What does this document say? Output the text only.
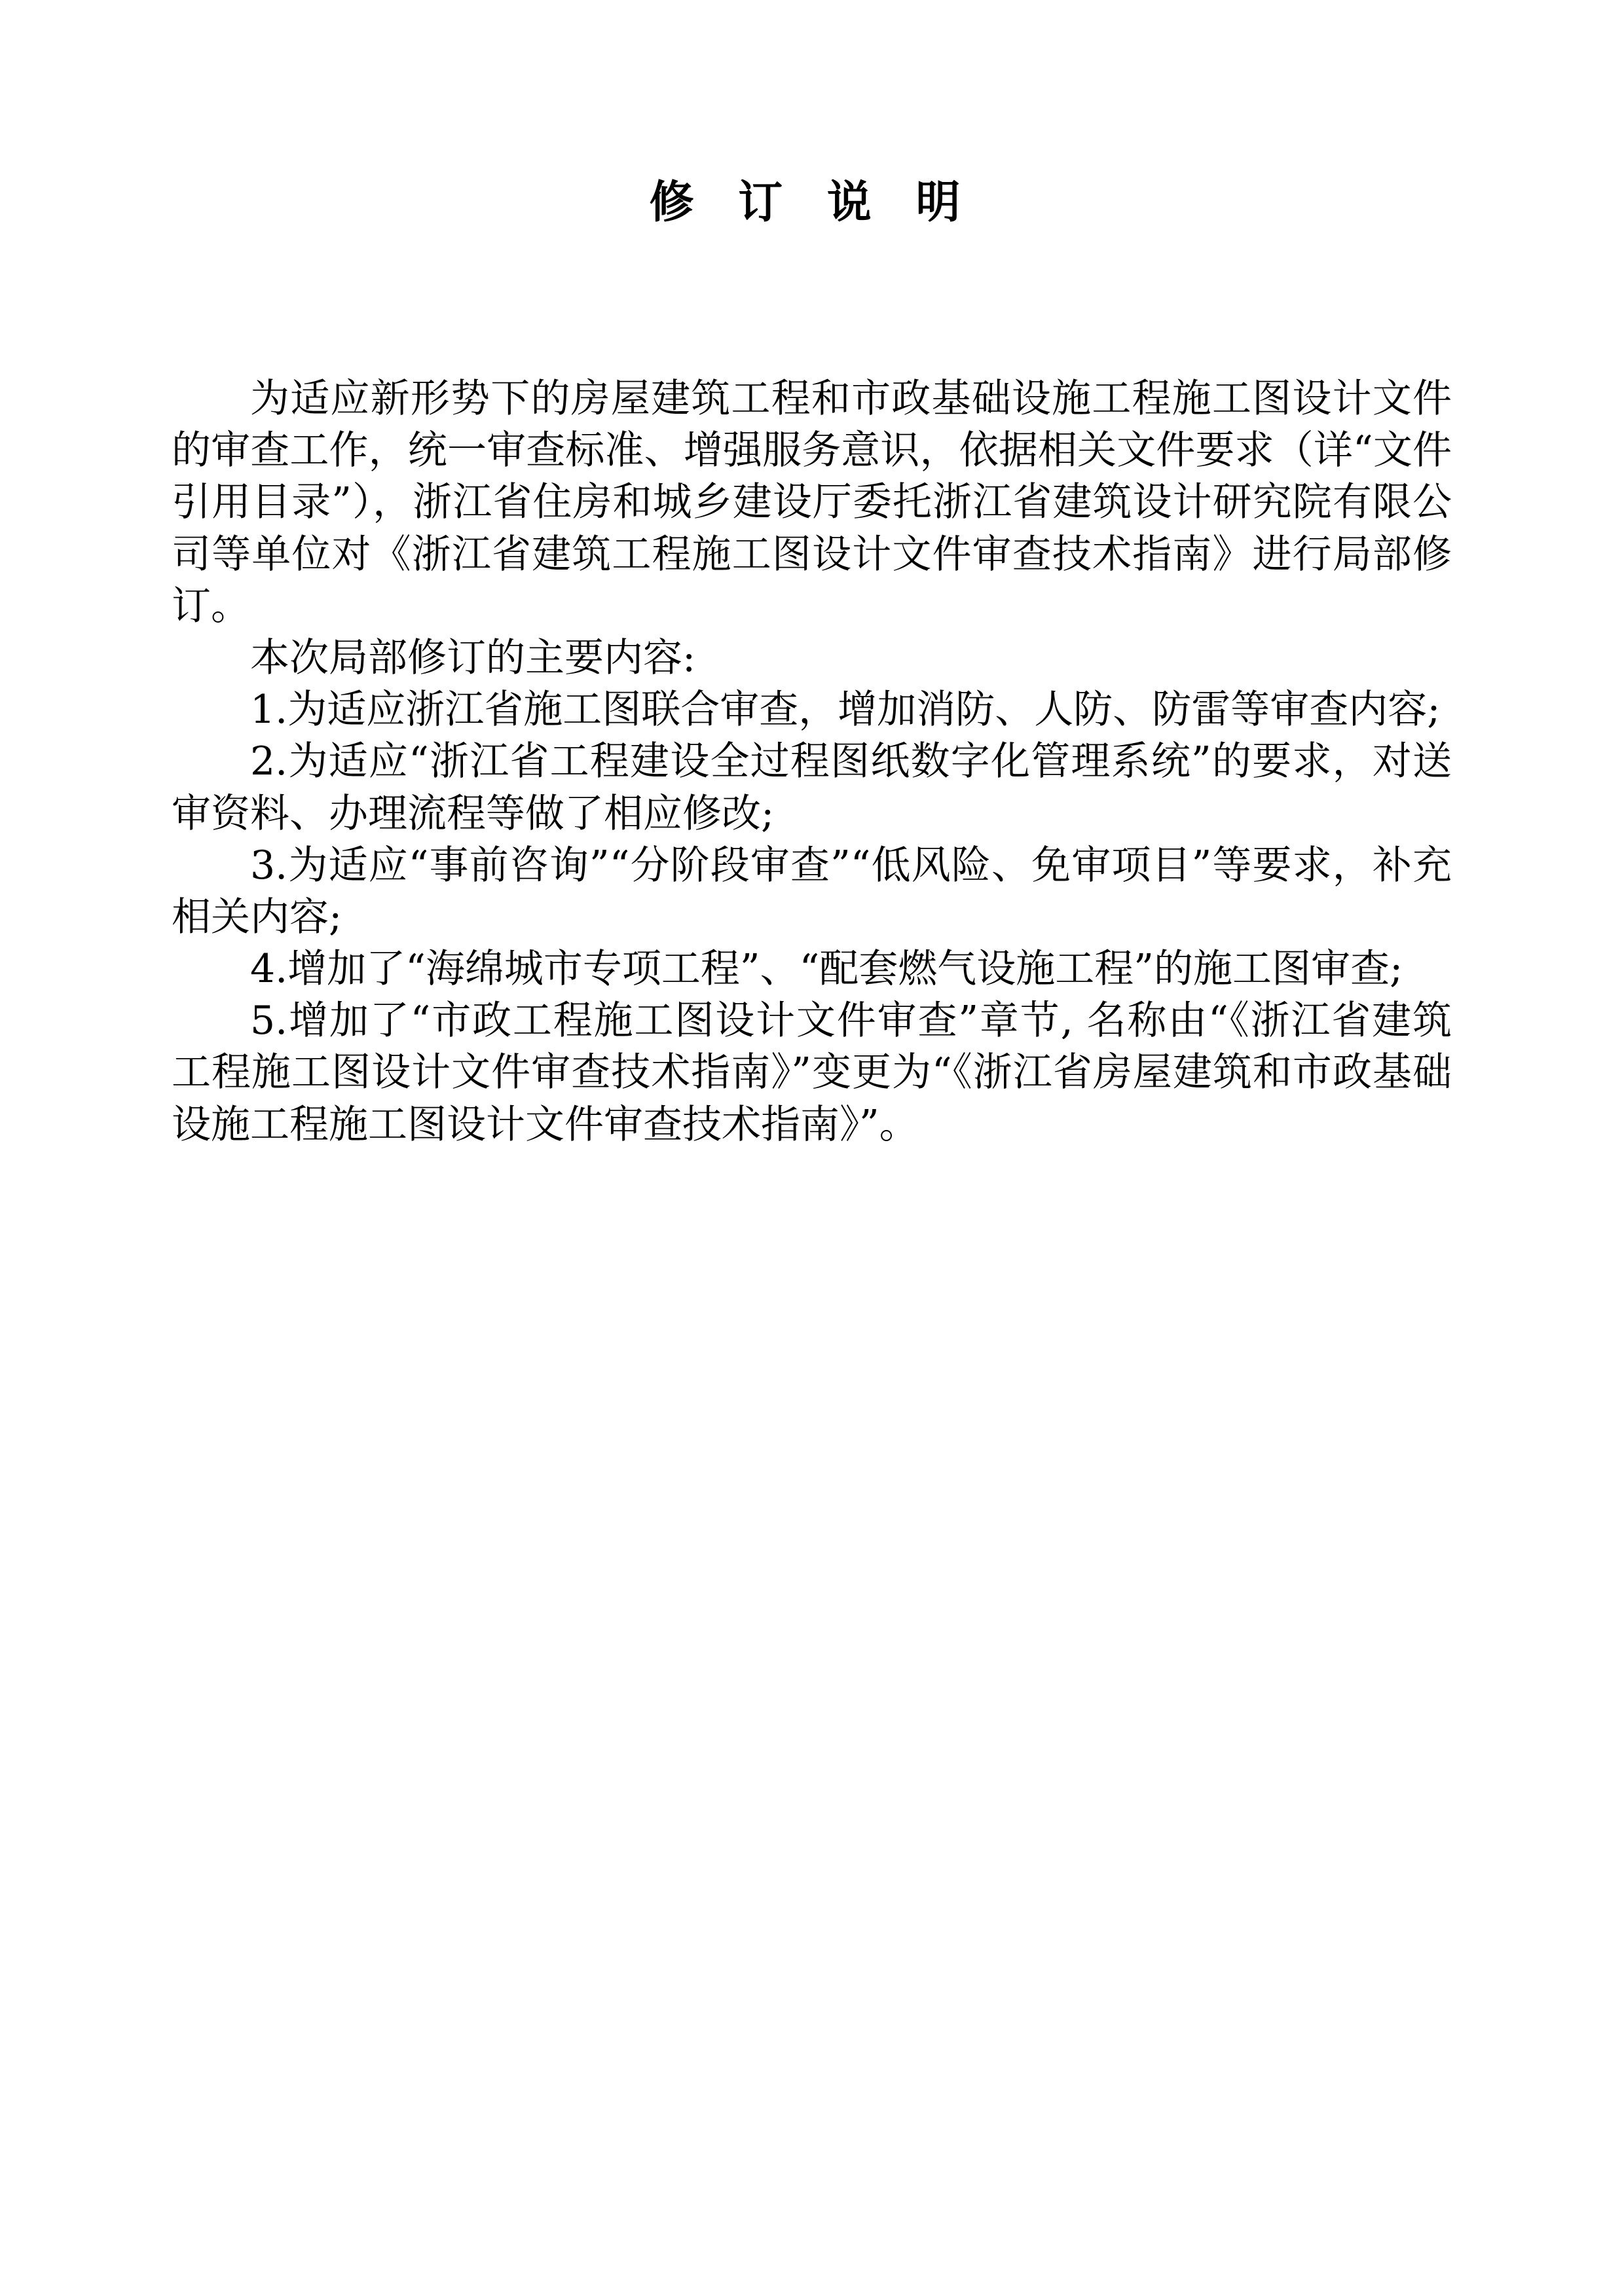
修 订 说 明

为适应新形势下的房屋建筑工程和市政基础设施工程施工图设计文件的审查工作，统一审查标准、增强服务意识，依据相关文件要求（详“文件引用目录”），浙江省住房和城乡建设厅委托浙江省建筑设计研究院有限公司等单位对《浙江省建筑工程施工图设计文件审查技术指南》进行局部修订。

本次局部修订的主要内容:

1.为适应浙江省施工图联合审查，增加消防、人防、防雷等审查内容;

2.为适应“浙江省工程建设全过程图纸数字化管理系统”的要求，对送审资料、办理流程等做了相应修改;

3.为适应“事前咨询”“分阶段审查”“低风险、免审项目”等要求，补充相关内容;

4.增加了“海绵城市专项工程”、“配套燃气设施工程”的施工图审查;

5.增加了“市政工程施工图设计文件审查”章节, 名称由“《浙江省建筑工程施工图设计文件审查技术指南》”变更为“《浙江省房屋建筑和市政基础设施工程施工图设计文件审查技术指南》”。
